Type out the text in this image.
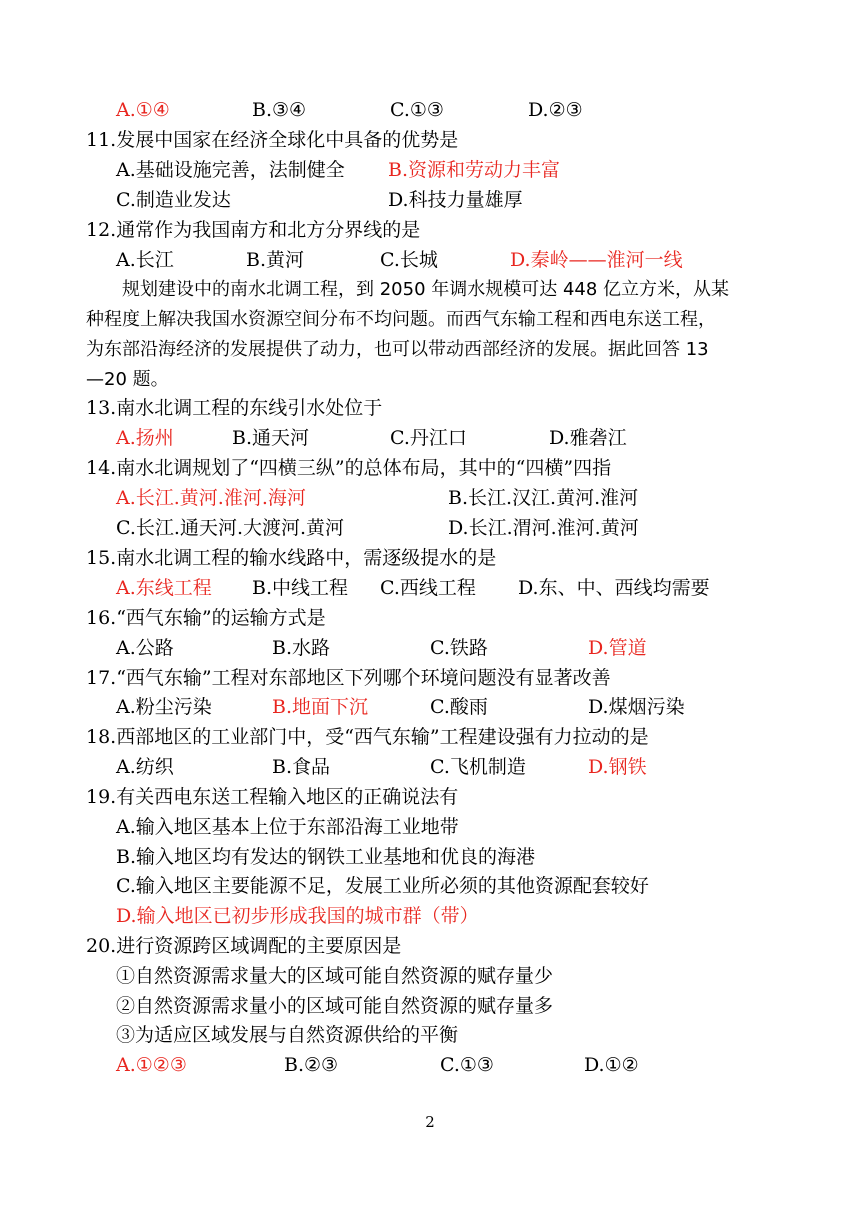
A.①④	B.③④	C.①③	D.②③
11.发展中国家在经济全球化中具备的优势是
A.基础设施完善，法制健全 B.资源和劳动力丰富
C.制造业发达	D.科技力量雄厚
12.通常作为我国南方和北方分界线的是
A.长江	B.黄河	C.长城	D.秦岭——淮河一线
规划建设中的南水北调工程，到 2050 年调水规模可达 448 亿立方米，从某
种程度上解决我国水资源空间分布不均问题。而西气东输工程和西电东送工程，
为东部沿海经济的发展提供了动力，也可以带动西部经济的发展。据此回答 13
—20 题。
13.南水北调工程的东线引水处位于
A.扬州	B.通天河	C.丹江口	D.雅砻江
14.南水北调规划了“四横三纵”的总体布局，其中的“四横”四指
A.长江.黄河.淮河.海河	B.长江.汉江.黄河.淮河
C.长江.通天河.大渡河.黄河	D.长江.渭河.淮河.黄河
15.南水北调工程的输水线路中，需逐级提水的是
A.东线工程 B.中线工程 C.西线工程 D.东、中、西线均需要
16.“西气东输”的运输方式是
A.公路	B.水路	C.铁路	D.管道
17.“西气东输”工程对东部地区下列哪个环境问题没有显著改善
A.粉尘污染	B.地面下沉	C.酸雨	D.煤烟污染
18.西部地区的工业部门中，受“西气东输”工程建设强有力拉动的是
A.纺织	B.食品	C.飞机制造	D.钢铁
19.有关西电东送工程输入地区的正确说法有
A.输入地区基本上位于东部沿海工业地带
B.输入地区均有发达的钢铁工业基地和优良的海港
C.输入地区主要能源不足，发展工业所必须的其他资源配套较好
D.输入地区已初步形成我国的城市群（带）
20.进行资源跨区域调配的主要原因是
①自然资源需求量大的区域可能自然资源的赋存量少
②自然资源需求量小的区域可能自然资源的赋存量多
③为适应区域发展与自然资源供给的平衡
A.①②③	B.②③	C.①③	D.①②
2
